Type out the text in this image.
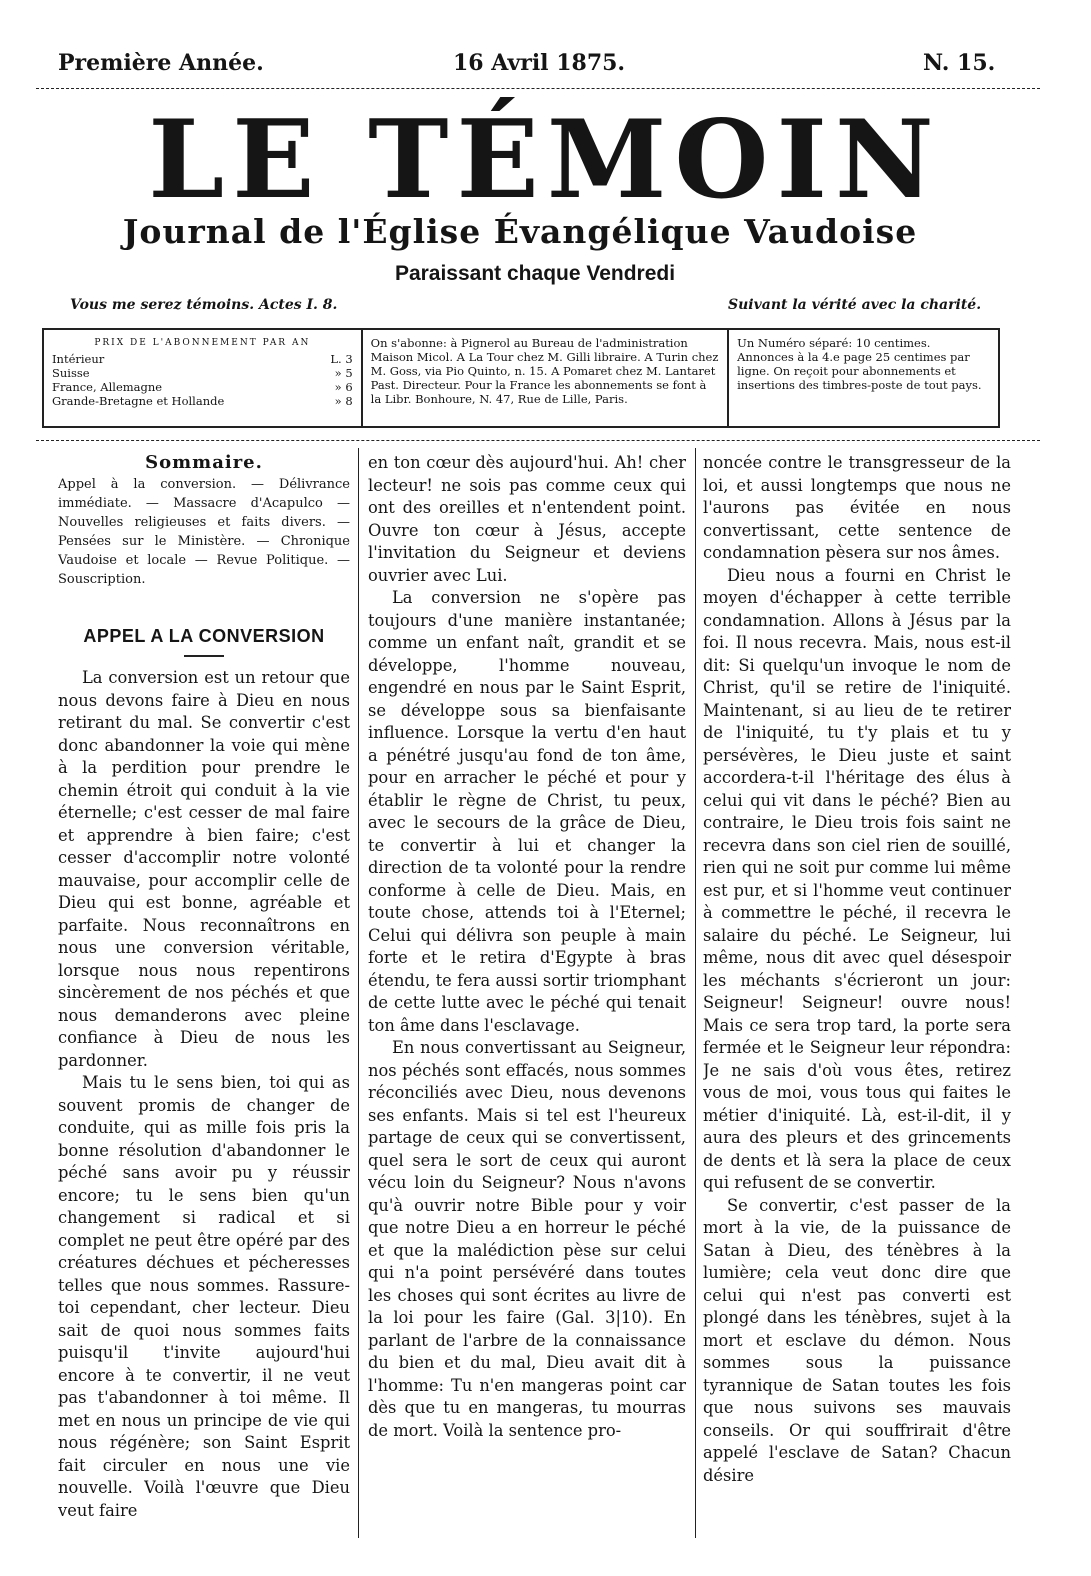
Première Année.	16 Avril 1875.	N. 15.
LE TÉMOIN
Journal de l'Église Évangélique Vaudoise
Paraissant chaque Vendredi
Vous me serez témoins. Actes I. 8.	Suivant la vérité avec la charité.
PRIX DE L'ABONNEMENT PAR AN
Intérieur	L. 3
Suisse	» 5
France, Allemagne	» 6
Grande-Bretagne et Hollande	» 8
On s'abonne: à Pignerol au Bureau de l'administration Maison Micol. A La Tour chez M. Gilli libraire. A Turin chez M. Goss, via Pio Quinto, n. 15. A Pomaret chez M. Lantaret Past. Directeur. Pour la France les abonnements se font à la Libr. Bonhoure, N. 47, Rue de Lille, Paris.
Un Numéro séparé: 10 centimes. Annonces à la 4.e page 25 centimes par ligne. On reçoit pour abonnements et insertions des timbres-poste de tout pays.
Sommaire.
Appel à la conversion. — Délivrance immédiate. — Massacre d'Acapulco — Nouvelles religieuses et faits divers. — Pensées sur le Ministère. — Chronique Vaudoise et locale — Revue Politique. — Souscription.
APPEL A LA CONVERSION

La conversion est un retour que nous devons faire à Dieu en nous retirant du mal. Se convertir c'est donc abandonner la voie qui mène à la perdition pour prendre le chemin étroit qui conduit à la vie éternelle; c'est cesser de mal faire et apprendre à bien faire; c'est cesser d'accomplir notre volonté mauvaise, pour accomplir celle de Dieu qui est bonne, agréable et parfaite. Nous reconnaîtrons en nous une conversion véritable, lorsque nous nous repentirons sincèrement de nos péchés et que nous demanderons avec pleine confiance à Dieu de nous les pardonner.

Mais tu le sens bien, toi qui as souvent promis de changer de conduite, qui as mille fois pris la bonne résolution d'abandonner le péché sans avoir pu y réussir encore; tu le sens bien qu'un changement si radical et si complet ne peut être opéré par des créatures déchues et pécheresses telles que nous sommes. Rassure-toi cependant, cher lecteur. Dieu sait de quoi nous sommes faits puisqu'il t'invite aujourd'hui encore à te convertir, il ne veut pas t'abandonner à toi même. Il met en nous un principe de vie qui nous régénère; son Saint Esprit fait circuler en nous une vie nouvelle. Voilà l'œuvre que Dieu veut faire

en ton cœur dès aujourd'hui. Ah! cher lecteur! ne sois pas comme ceux qui ont des oreilles et n'entendent point. Ouvre ton cœur à Jésus, accepte l'invitation du Seigneur et deviens ouvrier avec Lui.

La conversion ne s'opère pas toujours d'une manière instantanée; comme un enfant naît, grandit et se développe, l'homme nouveau, engendré en nous par le Saint Esprit, se développe sous sa bienfaisante influence. Lorsque la vertu d'en haut a pénétré jusqu'au fond de ton âme, pour en arracher le péché et pour y établir le règne de Christ, tu peux, avec le secours de la grâce de Dieu, te convertir à lui et changer la direction de ta volonté pour la rendre conforme à celle de Dieu. Mais, en toute chose, attends toi à l'Eternel; Celui qui délivra son peuple à main forte et le retira d'Egypte à bras étendu, te fera aussi sortir triomphant de cette lutte avec le péché qui tenait ton âme dans l'esclavage.

En nous convertissant au Seigneur, nos péchés sont effacés, nous sommes réconciliés avec Dieu, nous devenons ses enfants. Mais si tel est l'heureux partage de ceux qui se convertissent, quel sera le sort de ceux qui auront vécu loin du Seigneur? Nous n'avons qu'à ouvrir notre Bible pour y voir que notre Dieu a en horreur le péché et que la malédiction pèse sur celui qui n'a point persévéré dans toutes les choses qui sont écrites au livre de la loi pour les faire (Gal. 3|10). En parlant de l'arbre de la connaissance du bien et du mal, Dieu avait dit à l'homme: Tu n'en mangeras point car dès que tu en mangeras, tu mourras de mort. Voilà la sentence pro-

noncée contre le transgresseur de la loi, et aussi longtemps que nous ne l'aurons pas évitée en nous convertissant, cette sentence de condamnation pèsera sur nos âmes.

Dieu nous a fourni en Christ le moyen d'échapper à cette terrible condamnation. Allons à Jésus par la foi. Il nous recevra. Mais, nous est-il dit: Si quelqu'un invoque le nom de Christ, qu'il se retire de l'iniquité. Maintenant, si au lieu de te retirer de l'iniquité, tu t'y plais et tu y persévères, le Dieu juste et saint accordera-t-il l'héritage des élus à celui qui vit dans le péché? Bien au contraire, le Dieu trois fois saint ne recevra dans son ciel rien de souillé, rien qui ne soit pur comme lui même est pur, et si l'homme veut continuer à commettre le péché, il recevra le salaire du péché. Le Seigneur, lui même, nous dit avec quel désespoir les méchants s'écrieront un jour: Seigneur! Seigneur! ouvre nous! Mais ce sera trop tard, la porte sera fermée et le Seigneur leur répondra: Je ne sais d'où vous êtes, retirez vous de moi, vous tous qui faites le métier d'iniquité. Là, est-il-dit, il y aura des pleurs et des grincements de dents et là sera la place de ceux qui refusent de se convertir.

Se convertir, c'est passer de la mort à la vie, de la puissance de Satan à Dieu, des ténèbres à la lumière; cela veut donc dire que celui qui n'est pas converti est plongé dans les ténèbres, sujet à la mort et esclave du démon. Nous sommes sous la puissance tyrannique de Satan toutes les fois que nous suivons ses mauvais conseils. Or qui souffrirait d'être appelé l'esclave de Satan? Chacun désire
